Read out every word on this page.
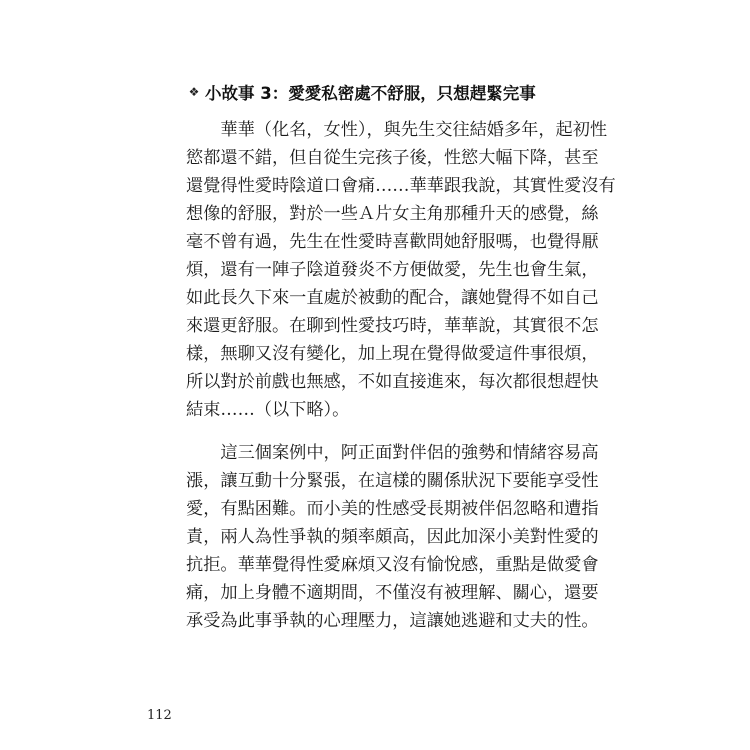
❖ 小故事 3：愛愛私密處不舒服，只想趕緊完事
　　華華（化名，女性），與先生交往結婚多年，起初性
慾都還不錯，但自從生完孩子後，性慾大幅下降，甚至
還覺得性愛時陰道口會痛……華華跟我說，其實性愛沒有
想像的舒服，對於一些Ａ片女主角那種升天的感覺，絲
毫不曾有過，先生在性愛時喜歡問她舒服嗎，也覺得厭
煩，還有一陣子陰道發炎不方便做愛，先生也會生氣，
如此長久下來一直處於被動的配合，讓她覺得不如自己
來還更舒服。在聊到性愛技巧時，華華說，其實很不怎
樣，無聊又沒有變化，加上現在覺得做愛這件事很煩，
所以對於前戲也無感，不如直接進來，每次都很想趕快
結束……（以下略）。
　　這三個案例中，阿正面對伴侶的強勢和情緒容易高
漲，讓互動十分緊張，在這樣的關係狀況下要能享受性
愛，有點困難。而小美的性感受長期被伴侶忽略和遭指
責，兩人為性爭執的頻率頗高，因此加深小美對性愛的
抗拒。華華覺得性愛麻煩又沒有愉悅感，重點是做愛會
痛，加上身體不適期間，不僅沒有被理解、關心，還要
承受為此事爭執的心理壓力，這讓她逃避和丈夫的性。
112
